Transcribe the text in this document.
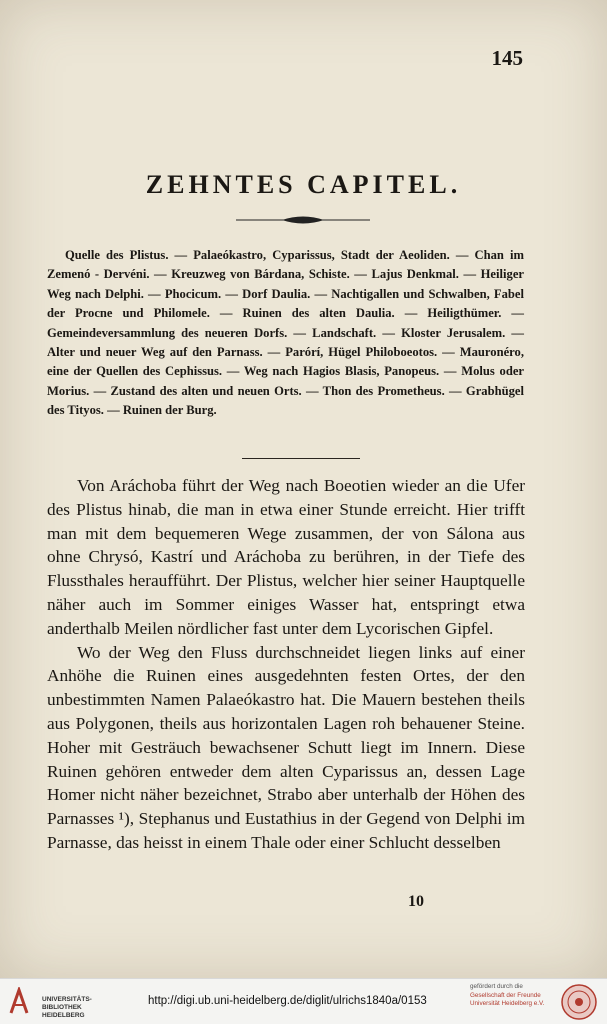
145
ZEHNTES CAPITEL.
Quelle des Plistus. — Palaeókastro, Cyparissus, Stadt der Aeoliden. — Chan im Zemenó - Dervéni. — Kreuzweg von Bárdana, Schiste. — Lajus Denkmal. — Heiliger Weg nach Delphi. — Phocicum. — Dorf Daulia. — Nachtigallen und Schwalben, Fabel der Procne und Philomele. — Ruinen des alten Daulia. — Heiligthümer. — Gemeindeversammlung des neueren Dorfs. — Landschaft. — Kloster Jerusalem. — Alter und neuer Weg auf den Parnass. — Parórí, Hügel Philoboeotos. — Mauronéro, eine der Quellen des Cephissus. — Weg nach Hagios Blasis, Panopeus. — Molus oder Morius. — Zustand des alten und neuen Orts. — Thon des Prometheus. — Grabhügel des Tityos. — Ruinen der Burg.

Von Aráchoba führt der Weg nach Boeotien wieder an die Ufer des Plistus hinab, die man in etwa einer Stunde erreicht. Hier trifft man mit dem bequemeren Wege zusammen, der von Sálona aus ohne Chrysó, Kastrí und Aráchoba zu berühren, in der Tiefe des Flussthales heraufführt. Der Plistus, welcher hier seiner Hauptquelle näher auch im Sommer einiges Wasser hat, entspringt etwa anderthalb Meilen nördlicher fast unter dem Lycorischen Gipfel.

Wo der Weg den Fluss durchschneidet liegen links auf einer Anhöhe die Ruinen eines ausgedehnten festen Ortes, der den unbestimmten Namen Palaeókastro hat. Die Mauern bestehen theils aus Polygonen, theils aus horizontalen Lagen roh behauener Steine. Hoher mit Gesträuch bewachsener Schutt liegt im Innern. Diese Ruinen gehören entweder dem alten Cyparissus an, dessen Lage Homer nicht näher bezeichnet, Strabo aber unterhalb der Höhen des Parnasses ¹), Stephanus und Eustathius in der Gegend von Delphi im Parnasse, das heisst in einem Thale oder einer Schlucht desselben

10
UNIVERSITÄTS-
BIBLIOTHEK
HEIDELBERG
http://digi.ub.uni-heidelberg.de/diglit/ulrichs1840a/0153
gefördert durch die
Gesellschaft der Freunde
Universität Heidelberg e.V.
